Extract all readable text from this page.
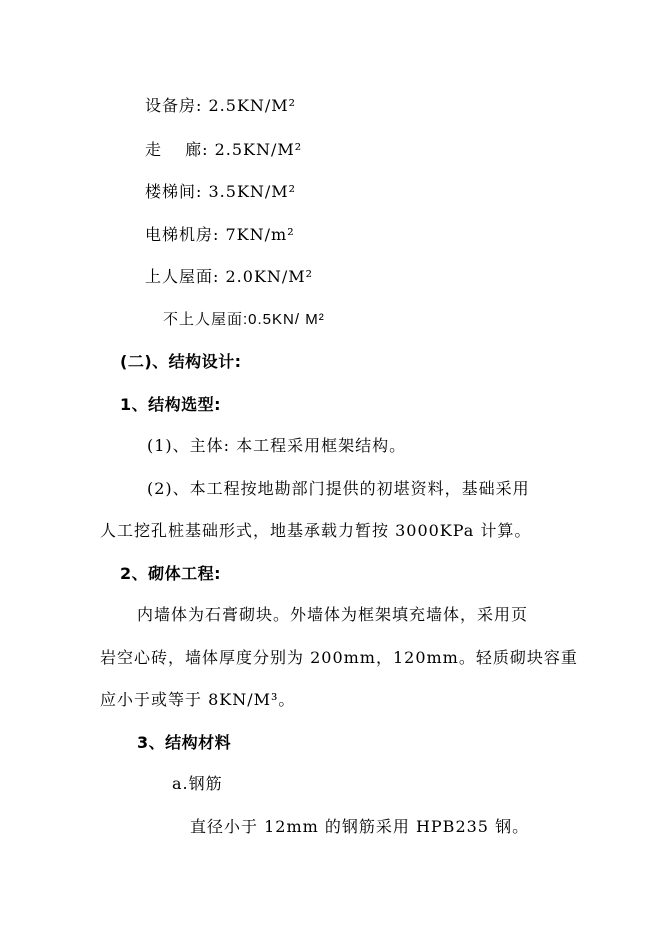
设备房: 2.5KN/M²
走　 廊: 2.5KN/M²
楼梯间: 3.5KN/M²
电梯机房: 7KN/m²
上人屋面: 2.0KN/M²
不上人屋面:0.5KN/ M²
(二)、结构设计:
1、结构选型:
(1)、主体: 本工程采用框架结构。
(2)、本工程按地勘部门提供的初堪资料，基础采用
人工挖孔桩基础形式，地基承载力暂按 3000KPa 计算。
2、砌体工程:
内墙体为石膏砌块。外墙体为框架填充墙体，采用页
岩空心砖，墙体厚度分别为 200mm，120mm。轻质砌块容重
应小于或等于 8KN/M³。
3、结构材料
a.钢筋
直径小于 12mm 的钢筋采用 HPB235 钢。
